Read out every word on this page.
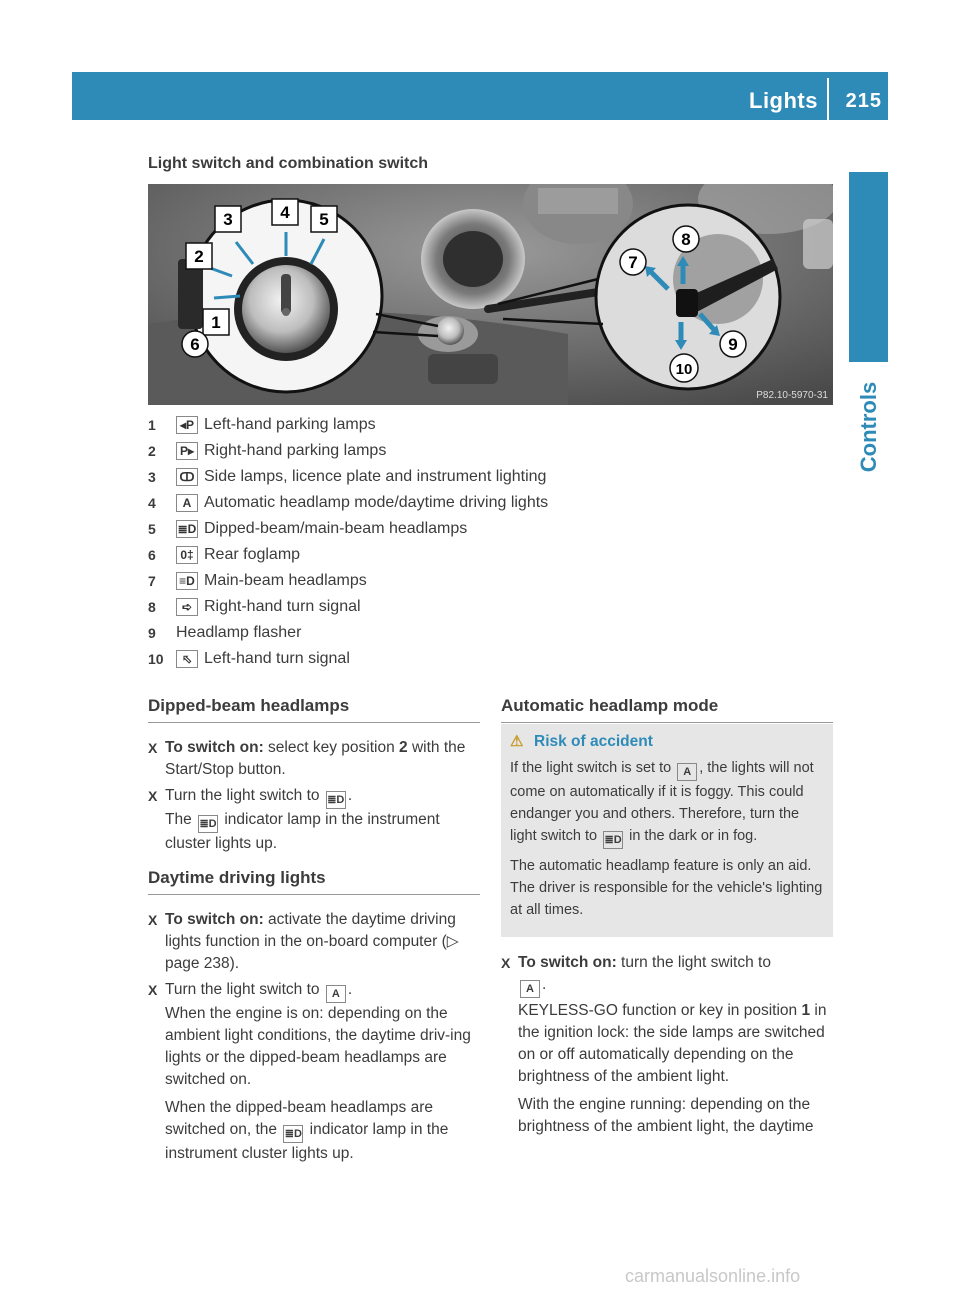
Lights 215
Controls
Light switch and combination switch
3	4 5
2
1
6
7
8
9
10
P82.10-5970-31
1	◂P Left-hand parking lamps
2	P▸ Right-hand parking lamps
3	ↀ Side lamps, licence plate and instrument lighting
4	A Automatic headlamp mode/daytime driving lights
5	≣D Dipped-beam/main-beam headlamps
6	0‡ Rear foglamp
7	≡D Main-beam headlamps
8	➪ Right-hand turn signal
9	Headlamp flasher
10	⬁ Left-hand turn signal
Dipped-beam headlamps
X To switch on: select key position 2 with the Start/Stop button.
X Turn the light switch to ≣D .
The ≣D indicator lamp in the instrument cluster lights up.
Daytime driving lights
X To switch on: activate the daytime driving lights function in the on-board computer (▷ page 238).
X Turn the light switch to A .
When the engine is on: depending on the ambient light conditions, the daytime driv-ing lights or the dipped-beam headlamps are switched on.
When the dipped-beam headlamps are switched on, the ≣D indicator lamp in the instrument cluster lights up.
Automatic headlamp mode
⚠ Risk of accident
If the light switch is set to A , the lights will not come on automatically if it is foggy. This could endanger you and others. Therefore, turn the light switch to ≣D in the dark or in fog.
The automatic headlamp feature is only an aid. The driver is responsible for the vehicle's lighting at all times.
X To switch on: turn the light switch to
A .
KEYLESS-GO function or key in position 1 in the ignition lock: the side lamps are switched on or off automatically depending on the brightness of the ambient light.
With the engine running: depending on the brightness of the ambient light, the daytime
carmanualsonline.info
